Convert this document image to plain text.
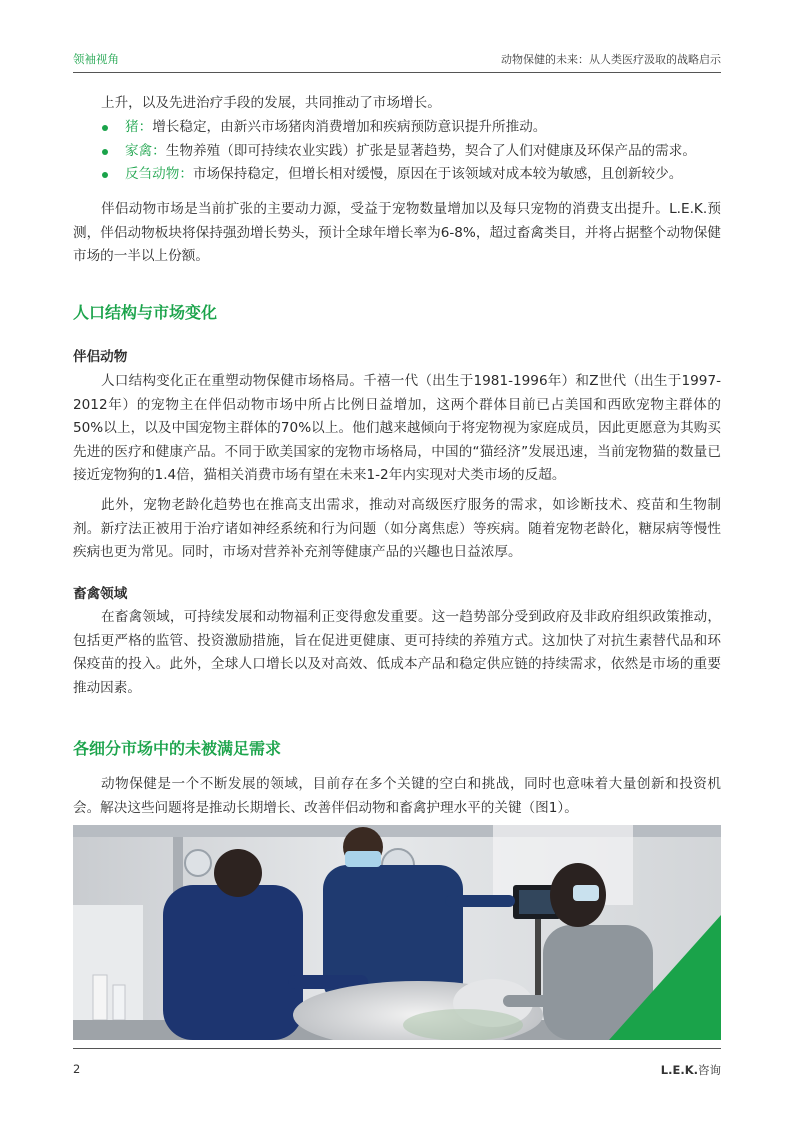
领袖视角	动物保健的未来：从人类医疗汲取的战略启示
上升，以及先进治疗手段的发展，共同推动了市场增长。
猪：增长稳定，由新兴市场猪肉消费增加和疾病预防意识提升所推动。
家禽：生物养殖（即可持续农业实践）扩张是显著趋势，契合了人们对健康及环保产品的需求。
反刍动物：市场保持稳定，但增长相对缓慢，原因在于该领域对成本较为敏感，且创新较少。
伴侣动物市场是当前扩张的主要动力源，受益于宠物数量增加以及每只宠物的消费支出提升。L.E.K.预测，伴侣动物板块将保持强劲增长势头，预计全球年增长率为6-8%，超过畜禽类目，并将占据整个动物保健市场的一半以上份额。
人口结构与市场变化
伴侣动物
人口结构变化正在重塑动物保健市场格局。千禧一代（出生于1981-1996年）和Z世代（出生于1997-2012年）的宠物主在伴侣动物市场中所占比例日益增加，这两个群体目前已占美国和西欧宠物主群体的50%以上，以及中国宠物主群体的70%以上。他们越来越倾向于将宠物视为家庭成员，因此更愿意为其购买先进的医疗和健康产品。不同于欧美国家的宠物市场格局，中国的“猫经济”发展迅速，当前宠物猫的数量已接近宠物狗的1.4倍，猫相关消费市场有望在未来1-2年内实现对犬类市场的反超。
此外，宠物老龄化趋势也在推高支出需求，推动对高级医疗服务的需求，如诊断技术、疫苗和生物制剂。新疗法正被用于治疗诸如神经系统和行为问题（如分离焦虑）等疾病。随着宠物老龄化，糖尿病等慢性疾病也更为常见。同时，市场对营养补充剂等健康产品的兴趣也日益浓厚。
畜禽领域
在畜禽领域，可持续发展和动物福利正变得愈发重要。这一趋势部分受到政府及非政府组织政策推动，包括更严格的监管、投资激励措施，旨在促进更健康、更可持续的养殖方式。这加快了对抗生素替代品和环保疫苗的投入。此外，全球人口增长以及对高效、低成本产品和稳定供应链的持续需求，依然是市场的重要推动因素。
各细分市场中的未被满足需求
动物保健是一个不断发展的领域，目前存在多个关键的空白和挑战，同时也意味着大量创新和投资机会。解决这些问题将是推动长期增长、改善伴侣动物和畜禽护理水平的关键（图1）。
2	L.E.K.咨询
